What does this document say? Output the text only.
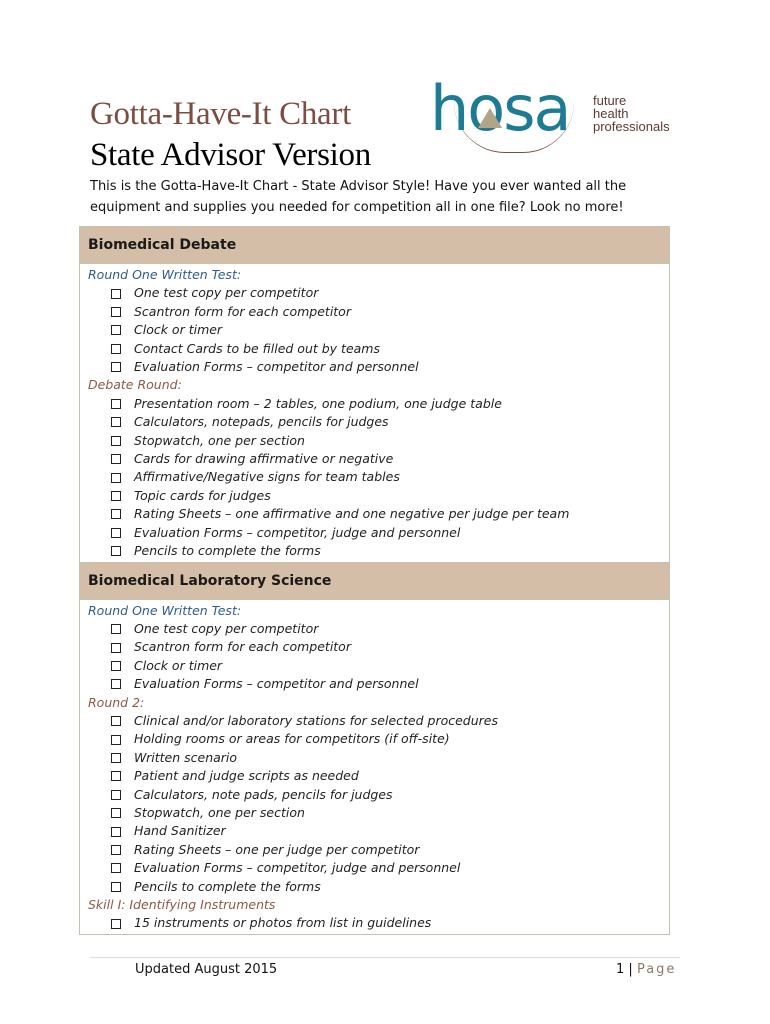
Gotta-Have-It Chart
State Advisor Version
hosa future
health
professionals

This is the Gotta-Have-It Chart - State Advisor Style! Have you ever wanted all the equipment and supplies you needed for competition all in one file? Look no more!

Biomedical Debate
Round One Written Test:
One test copy per competitor
Scantron form for each competitor
Clock or timer
Contact Cards to be filled out by teams
Evaluation Forms – competitor and personnel
Debate Round:
Presentation room – 2 tables, one podium, one judge table
Calculators, notepads, pencils for judges
Stopwatch, one per section
Cards for drawing affirmative or negative
Affirmative/Negative signs for team tables
Topic cards for judges
Rating Sheets – one affirmative and one negative per judge per team
Evaluation Forms – competitor, judge and personnel
Pencils to complete the forms
Biomedical Laboratory Science
Round One Written Test:
One test copy per competitor
Scantron form for each competitor
Clock or timer
Evaluation Forms – competitor and personnel
Round 2:
Clinical and/or laboratory stations for selected procedures
Holding rooms or areas for competitors (if off-site)
Written scenario
Patient and judge scripts as needed
Calculators, note pads, pencils for judges
Stopwatch, one per section
Hand Sanitizer
Rating Sheets – one per judge per competitor
Evaluation Forms – competitor, judge and personnel
Pencils to complete the forms
Skill I: Identifying Instruments
15 instruments or photos from list in guidelines
Updated August 2015	1 | Page
